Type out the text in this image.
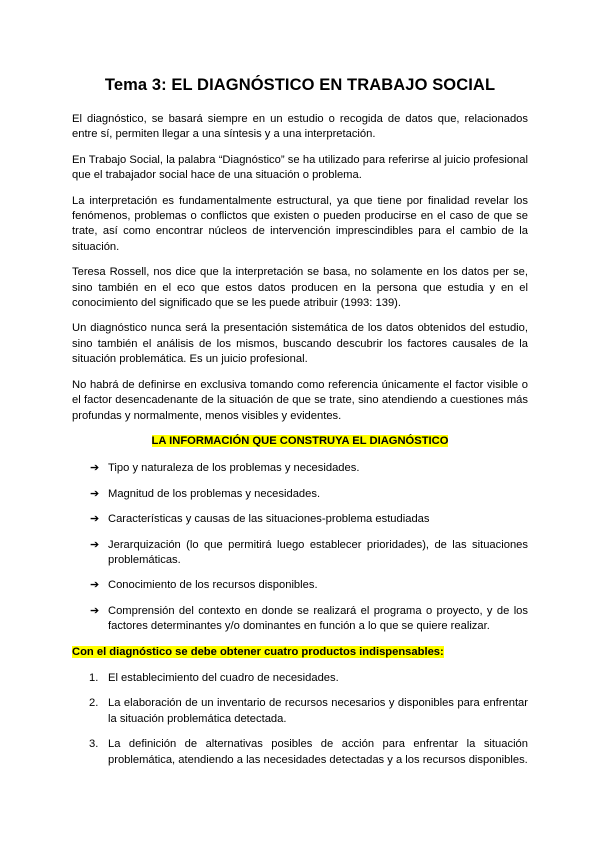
Tema 3: EL DIAGNÓSTICO EN TRABAJO SOCIAL

El diagnóstico, se basará siempre en un estudio o recogida de datos que, relacionados entre sí, permiten llegar a una síntesis y a una interpretación.

En Trabajo Social, la palabra “Diagnóstico” se ha utilizado para referirse al juicio profesional que el trabajador social hace de una situación o problema.

La interpretación es fundamentalmente estructural, ya que tiene por finalidad revelar los fenómenos, problemas o conflictos que existen o pueden producirse en el caso de que se trate, así como encontrar núcleos de intervención imprescindibles para el cambio de la situación.

Teresa Rossell, nos dice que la interpretación se basa, no solamente en los datos per se, sino también en el eco que estos datos producen en la persona que estudia y en el conocimiento del significado que se les puede atribuir (1993: 139).

Un diagnóstico nunca será la presentación sistemática de los datos obtenidos del estudio, sino también el análisis de los mismos, buscando descubrir los factores causales de la situación problemática. Es un juicio profesional.

No habrá de definirse en exclusiva tomando como referencia únicamente el factor visible o el factor desencadenante de la situación de que se trate, sino atendiendo a cuestiones más profundas y normalmente, menos visibles y evidentes.

LA INFORMACIÓN QUE CONSTRUYA EL DIAGNÓSTICO

➔ Tipo y naturaleza de los problemas y necesidades.
➔ Magnitud de los problemas y necesidades.
➔ Características y causas de las situaciones-problema estudiadas
➔ Jerarquización (lo que permitirá luego establecer prioridades), de las situaciones problemáticas.
➔ Conocimiento de los recursos disponibles.
➔ Comprensión del contexto en donde se realizará el programa o proyecto, y de los factores determinantes y/o dominantes en función a lo que se quiere realizar.

Con el diagnóstico se debe obtener cuatro productos indispensables:

1. El establecimiento del cuadro de necesidades.
2. La elaboración de un inventario de recursos necesarios y disponibles para enfrentar la situación problemática detectada.
3. La definición de alternativas posibles de acción para enfrentar la situación problemática, atendiendo a las necesidades detectadas y a los recursos disponibles.
